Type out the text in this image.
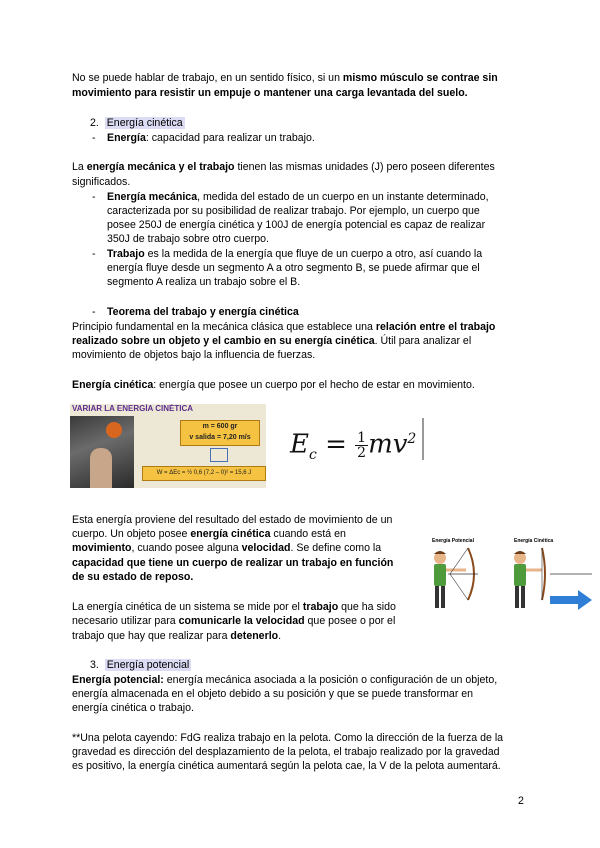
No se puede hablar de trabajo, en un sentido físico, si un mismo músculo se contrae sin

movimiento para resistir un empuje o mantener una carga levantada del suelo.

2. Energía cinética

- Energía: capacidad para realizar un trabajo.

La energía mecánica y el trabajo tienen las mismas unidades (J) pero poseen diferentes

significados.

- Energía mecánica, medida del estado de un cuerpo en un instante determinado,

caracterizada por su posibilidad de realizar trabajo. Por ejemplo, un cuerpo que

posee 250J de energía cinética y 100J de energía potencial es capaz de realizar

350J de trabajo sobre otro cuerpo.

- Trabajo es la medida de la energía que fluye de un cuerpo a otro, así cuando la

energía fluye desde un segmento A a otro segmento B, se puede afirmar que el

segmento A realiza un trabajo sobre el B.

- Teorema del trabajo y energía cinética

Principio fundamental en la mecánica clásica que establece una relación entre el trabajo

realizado sobre un objeto y el cambio en su energía cinética. Útil para analizar el

movimiento de objetos bajo la influencia de fuerzas.

Energía cinética: energía que posee un cuerpo por el hecho de estar en movimiento.

VARIAR LA ENERGÍA CINÉTICA
m = 600 gr
v salida = 7,20 m/s
W = ΔEc = ½ 0,6 (7,2 – 0)² = 15,6 J
$E_c = \frac{1}{2} mv^2$

Esta energía proviene del resultado del estado de movimiento de un

cuerpo. Un objeto posee energía cinética cuando está en

movimiento, cuando posee alguna velocidad. Se define como la

capacidad que tiene un cuerpo de realizar un trabajo en función

de su estado de reposo.

Energía Potencial	Energía Cinética

La energía cinética de un sistema se mide por el trabajo que ha sido

necesario utilizar para comunicarle la velocidad que posee o por el

trabajo que hay que realizar para detenerlo.

3. Energía potencial

Energía potencial: energía mecánica asociada a la posición o configuración de un objeto,

energía almacenada en el objeto debido a su posición y que se puede transformar en

energía cinética o trabajo.

**Una pelota cayendo: FdG realiza trabajo en la pelota. Como la dirección de la fuerza de la

gravedad es dirección del desplazamiento de la pelota, el trabajo realizado por la gravedad

es positivo, la energía cinética aumentará según la pelota cae, la V de la pelota aumentará.

2
